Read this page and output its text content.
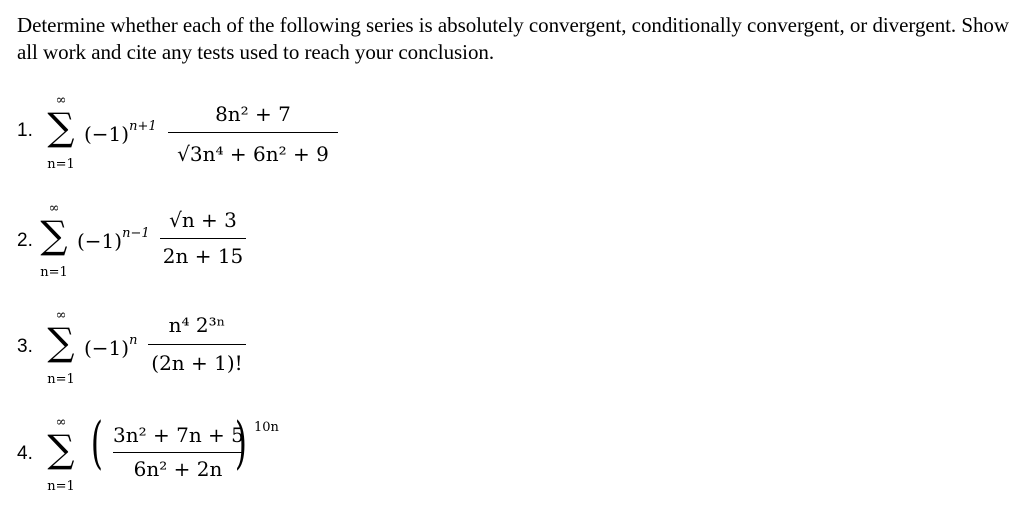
Determine whether each of the following series is absolutely convergent, conditionally convergent, or divergent. Show all work and cite any tests used to reach your conclusion.
1.
∞
∑
n=1
$(-1)^{n+1}$
8n² + 7
√3n⁴ + 6n² + 9
2.
∞
∑
n=1
$(-1)^{n-1}$
√n + 3
2n + 15
3.
∞
∑
n=1
$(-1)^n$
n⁴ 2³ⁿ
(2n + 1)!
4.
∞
∑
n=1
( 3n² + 7n + 5
6n² + 2n ) 10n
